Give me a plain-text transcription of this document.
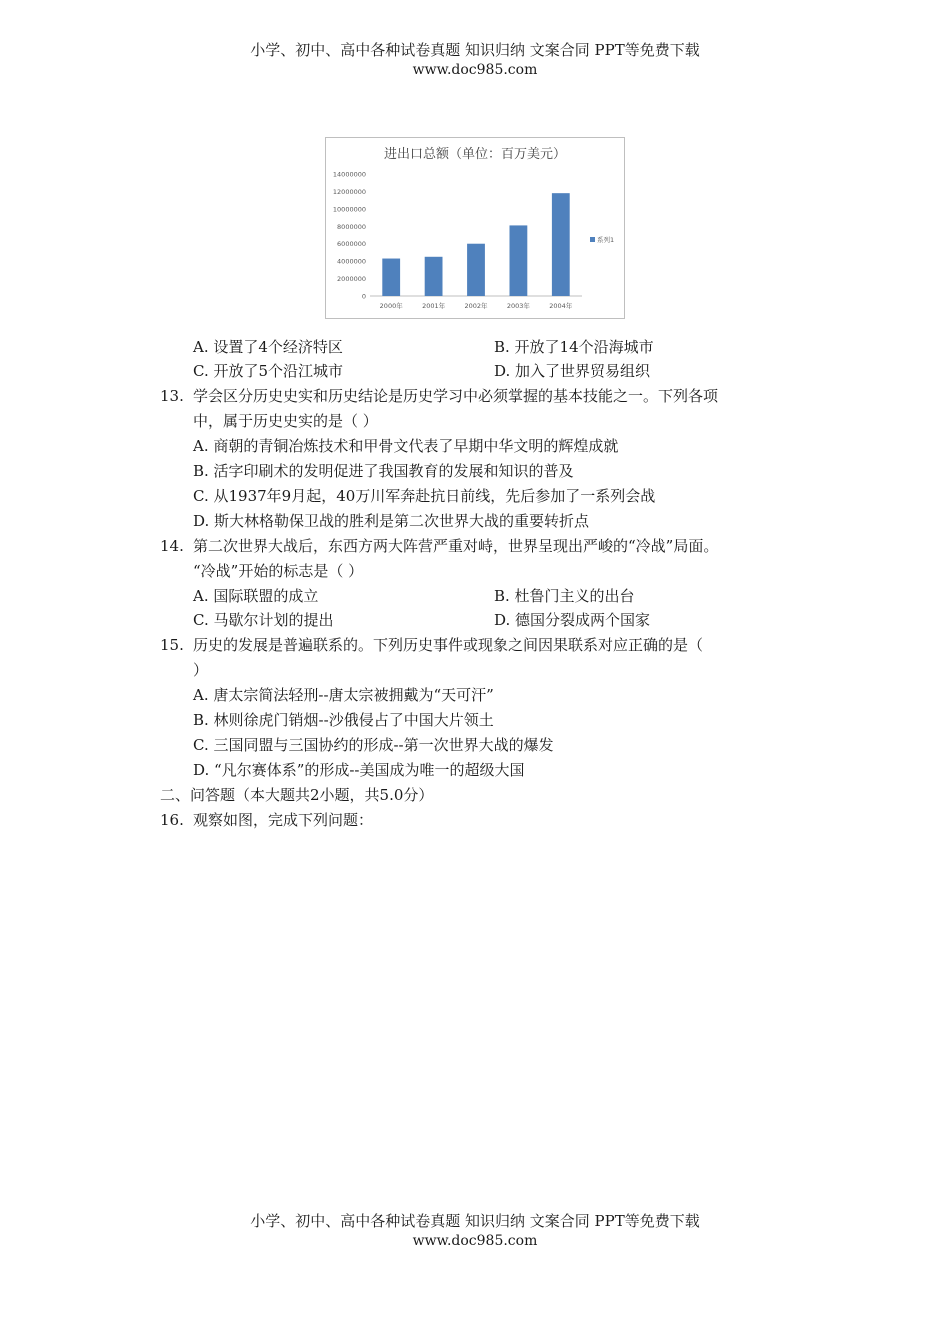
小学、初中、高中各种试卷真题 知识归纳 文案合同 PPT等免费下载
www.doc985.com
进出口总额（单位：百万美元）
0
2000000
4000000
6000000
8000000
10000000
12000000
14000000
2000年	2001年	2002年	2003年	2004年
系列1
A. 设置了4个经济特区	B. 开放了14个沿海城市
C. 开放了5个沿江城市	D. 加入了世界贸易组织
13. 学会区分历史史实和历史结论是历史学习中必须掌握的基本技能之一。下列各项
中，属于历史史实的是（ ）
A. 商朝的青铜冶炼技术和甲骨文代表了早期中华文明的辉煌成就
B. 活字印刷术的发明促进了我国教育的发展和知识的普及
C. 从1937年9月起，40万川军奔赴抗日前线，先后参加了一系列会战
D. 斯大林格勒保卫战的胜利是第二次世界大战的重要转折点
14. 第二次世界大战后，东西方两大阵营严重对峙，世界呈现出严峻的“冷战”局面。
“冷战”开始的标志是（ ）
A. 国际联盟的成立	B. 杜鲁门主义的出台
C. 马歇尔计划的提出	D. 德国分裂成两个国家
15. 历史的发展是普遍联系的。下列历史事件或现象之间因果联系对应正确的是（
）
A. 唐太宗简法轻刑--唐太宗被拥戴为“天可汗”
B. 林则徐虎门销烟--沙俄侵占了中国大片领土
C. 三国同盟与三国协约的形成--第一次世界大战的爆发
D. “凡尔赛体系”的形成--美国成为唯一的超级大国
二、问答题（本大题共2小题，共5.0分）
16. 观察如图，完成下列问题：
小学、初中、高中各种试卷真题 知识归纳 文案合同 PPT等免费下载
www.doc985.com
